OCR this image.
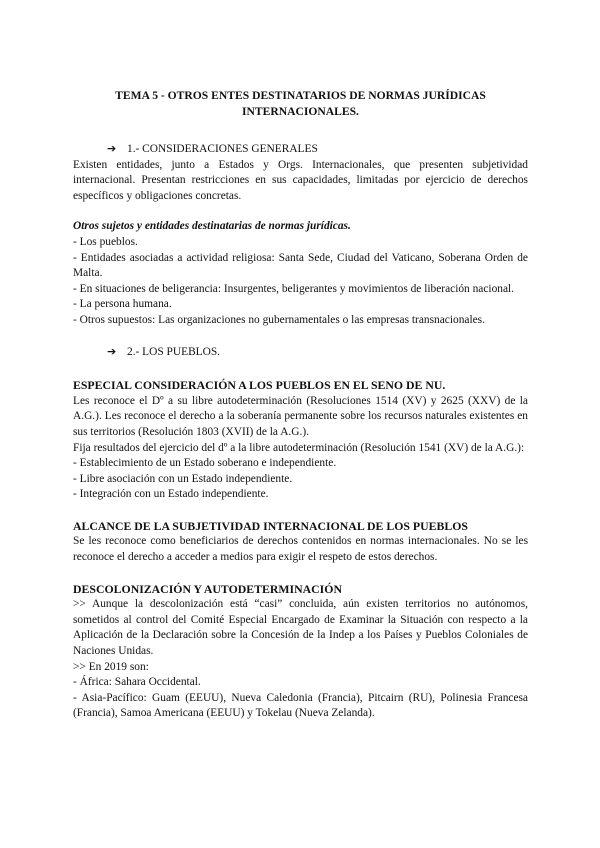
TEMA 5 - OTROS ENTES DESTINATARIOS DE NORMAS JURÍDICAS INTERNACIONALES.
➔ 1.- CONSIDERACIONES GENERALES

Existen entidades, junto a Estados y Orgs. Internacionales, que presenten subjetividad internacional. Presentan restricciones en sus capacidades, limitadas por ejercicio de derechos específicos y obligaciones concretas.

Otros sujetos y entidades destinatarias de normas jurídicas.

- Los pueblos.

- Entidades asociadas a actividad religiosa: Santa Sede, Ciudad del Vaticano, Soberana Orden de Malta.

- En situaciones de beligerancia: Insurgentes, beligerantes y movimientos de liberación nacional.

- La persona humana.

- Otros supuestos: Las organizaciones no gubernamentales o las empresas transnacionales.

➔ 2.- LOS PUEBLOS.

ESPECIAL CONSIDERACIÓN A LOS PUEBLOS EN EL SENO DE NU.

Les reconoce el Dº a su libre autodeterminación (Resoluciones 1514 (XV) y 2625 (XXV) de la A.G.). Les reconoce el derecho a la soberanía permanente sobre los recursos naturales existentes en sus territorios (Resolución 1803 (XVII) de la A.G.).

Fija resultados del ejercicio del dº a la libre autodeterminación (Resolución 1541 (XV) de la A.G.):

- Establecimiento de un Estado soberano e independiente.

- Libre asociación con un Estado independiente.

- Integración con un Estado independiente.

ALCANCE DE LA SUBJETIVIDAD INTERNACIONAL DE LOS PUEBLOS

Se les reconoce como beneficiarios de derechos contenidos en normas internacionales. No se les reconoce el derecho a acceder a medios para exigir el respeto de estos derechos.

DESCOLONIZACIÓN Y AUTODETERMINACIÓN

>> Aunque la descolonización está “casi” concluida, aún existen territorios no autónomos, sometidos al control del Comité Especial Encargado de Examinar la Situación con respecto a la Aplicación de la Declaración sobre la Concesión de la Indep a los Países y Pueblos Coloniales de Naciones Unidas.

>> En 2019 son:

- África: Sahara Occidental.

- Asia-Pacífico: Guam (EEUU), Nueva Caledonia (Francia), Pitcairn (RU), Polinesia Francesa

(Francia), Samoa Americana (EEUU) y Tokelau (Nueva Zelanda).
